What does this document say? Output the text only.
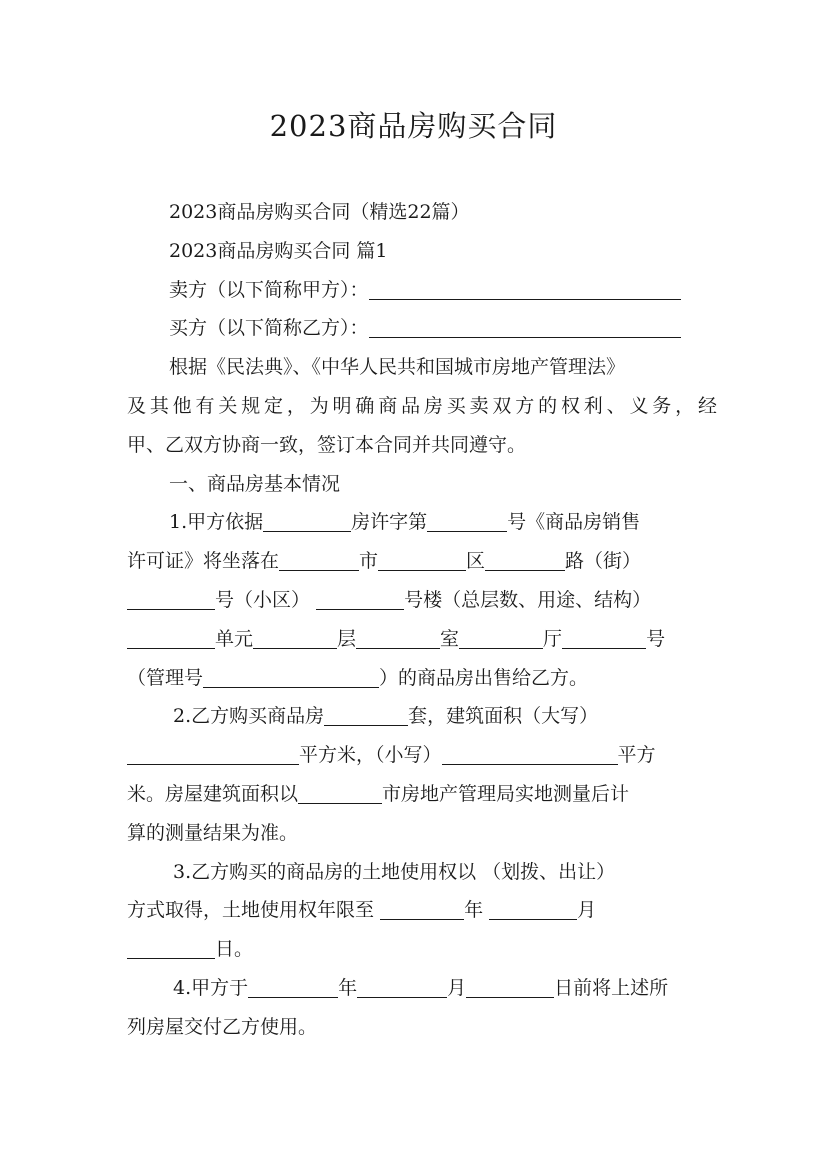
2023商品房购买合同
2023商品房购买合同（精选22篇）
2023商品房购买合同 篇1
卖方（以下简称甲方）：
买方（以下简称乙方）：
根据《民法典》、《中华人民共和国城市房地产管理法》
及其他有关规定，为明确商品房买卖双方的权利、义务，经
甲、乙双方协商一致，签订本合同并共同遵守。
一、商品房基本情况
1.甲方依据	房许字第	号《商品房销售
许可证》将坐落在	市	区	路（街）
号（小区）	号楼（总层数、用途、结构）
单元	层	室	厅	号
（管理号	）的商品房出售给乙方。
2.乙方购买商品房	套，建筑面积（大写）
平方米，（小写）	平方
米。房屋建筑面积以	市房地产管理局实地测量后计
算的测量结果为准。
3.乙方购买的商品房的土地使用权以 （划拨、出让）
方式取得，土地使用权年限至	年	月
日。
4.甲方于	年	月	日前将上述所
列房屋交付乙方使用。
